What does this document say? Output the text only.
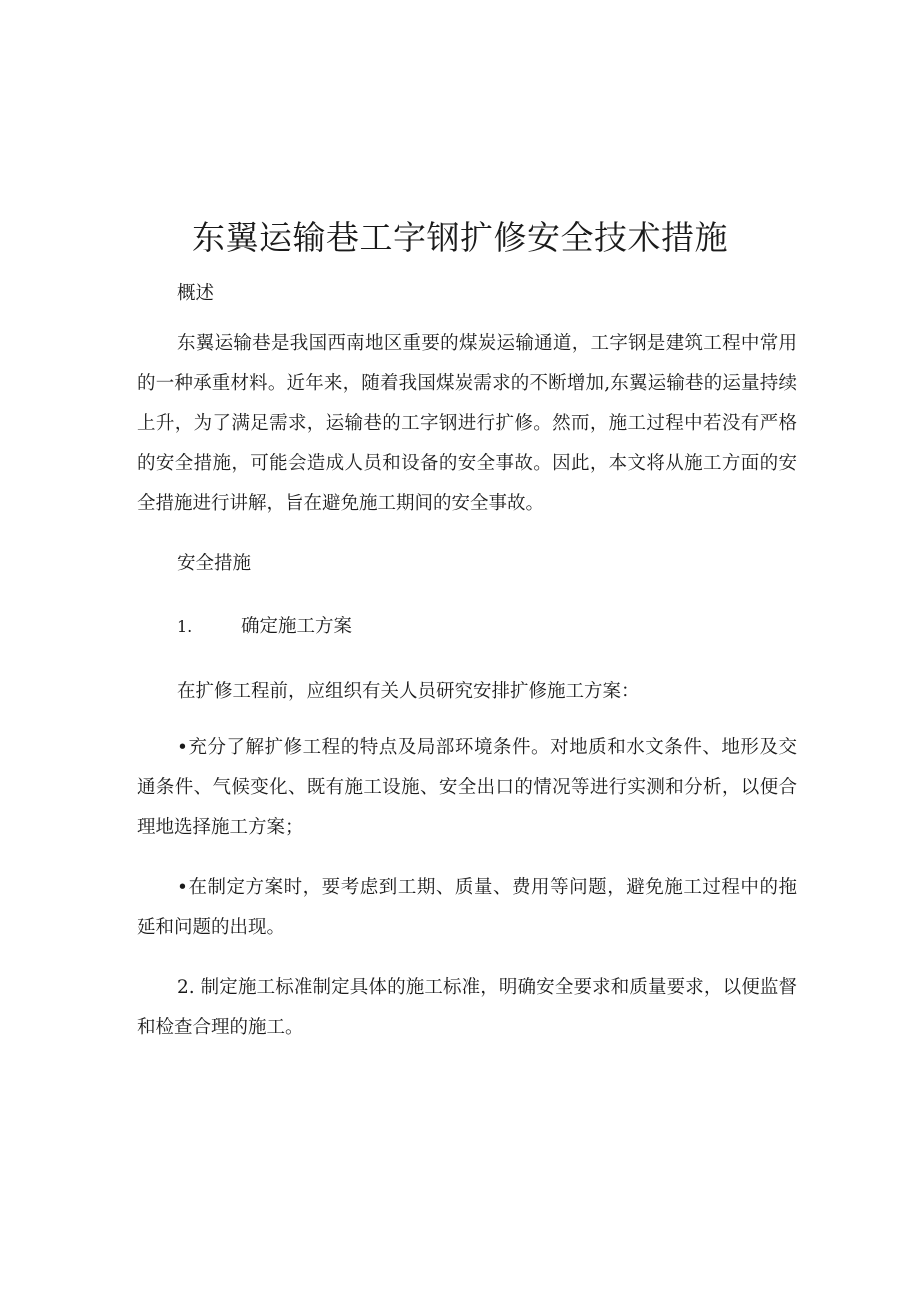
东翼运输巷工字钢扩修安全技术措施

概述

东翼运输巷是我国西南地区重要的煤炭运输通道，工字钢是建筑工程中常用的一种承重材料。近年来，随着我国煤炭需求的不断增加,东翼运输巷的运量持续上升，为了满足需求，运输巷的工字钢进行扩修。然而，施工过程中若没有严格的安全措施，可能会造成人员和设备的安全事故。因此，本文将从施工方面的安全措施进行讲解，旨在避免施工期间的安全事故。

安全措施

1.	确定施工方案

在扩修工程前，应组织有关人员研究安排扩修施工方案：

•充分了解扩修工程的特点及局部环境条件。对地质和水文条件、地形及交通条件、气候变化、既有施工设施、安全出口的情况等进行实测和分析，以便合理地选择施工方案；

•在制定方案时，要考虑到工期、质量、费用等问题，避免施工过程中的拖延和问题的出现。

2. 制定施工标准制定具体的施工标准，明确安全要求和质量要求，以便监督和检查合理的施工。
